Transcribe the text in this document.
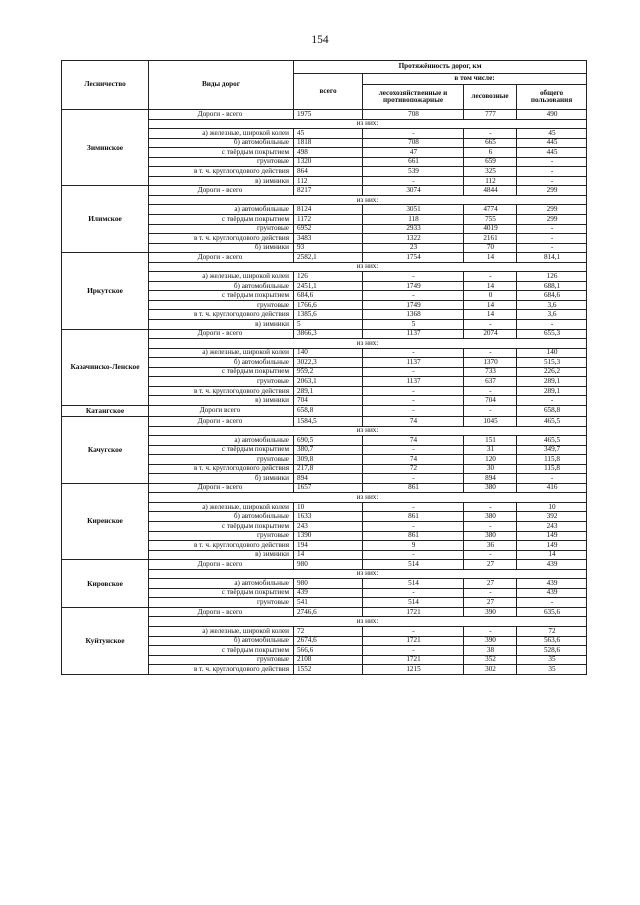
154
Лесничество	Виды дорог	Протяжённость дорог, км			
		всего	в том числе:		
			лесохозяйственные и противопожарные	лесовозные	общего пользования
Зиминское	Дороги - всего	1975	708	777	490
	из них:				
	а) железные, широкой колеи	45	-	-	45
	б) автомобильные	1818	708	665	445
	с твёрдым покрытием	498	47	6	445
	грунтовые	1320	661	659	-
	в т. ч. круглогодового действия	864	539	325	-
	в) зимники	112	-	112	-
Илимское	Дороги - всего	8217	3074	4844	299
	из них:				
	а) автомобильные	8124	3051	4774	299
	с твёрдым покрытием	1172	118	755	299
	грунтовые	6952	2933	4019	-
	в т. ч. круглогодового действия	3483	1322	2161	-
	б) зимники	93	23	70	-
Иркутское	Дороги - всего	2582,1	1754	14	814,1
	из них:				
	а) железные, широкой колеи	126	-	-	126
	б) автомобильные	2451,1	1749	14	688,1
	с твёрдым покрытием	684,6	-	0	684,6
	грунтовые	1766,6	1749	14	3,6
	в т. ч. круглогодового действия	1385,6	1368	14	3,6
	в) зимники	5	5	-	-
Казачинско-Ленское	Дороги - всего	3866,3	1137	2074	655,3
	из них:				
	а) железные, широкой колеи	140	-	-	140
	б) автомобильные	3022,3	1137	1370	515,3
	с твёрдым покрытием	959,2	-	733	226,2
	грунтовые	2063,1	1137	637	289,1
	в т. ч. круглогодового действия	289,1	-	-	289,1
	в) зимники	704	-	704	-
Катангское	Дороги всего	658,8	-	-	658,8
Качугское	Дороги - всего	1584,5	74	1045	465,5
	из них:				
	а) автомобильные	690,5	74	151	465,5
	с твёрдым покрытием	380,7	-	31	349,7
	грунтовые	309,8	74	120	115,8
	в т. ч. круглогодового действия	217,8	72	30	115,8
	б) зимники	894	-	894	-
Киренское	Дороги - всего	1657	861	380	416
	из них:				
	а) железные, широкой колеи	10	-	-	10
	б) автомобильные	1633	861	380	392
	с твёрдым покрытием	243	-	-	243
	грунтовые	1390	861	380	149
	в т. ч. круглогодового действия	194	9	36	149
	в) зимники	14	-	-	14
Кировское	Дороги - всего	980	514	27	439
	из них:				
	а) автомобильные	980	514	27	439
	с твёрдым покрытием	439	-	-	439
	грунтовые	541	514	27	-
Куйтунское	Дороги - всего	2746,6	1721	390	635,6
	из них:				
	а) железные, широкой колеи	72	-	-	72
	б) автомобильные	2674,6	1721	390	563,6
	с твёрдым покрытием	566,6	-	38	528,6
	грунтовые	2108	1721	352	35
	в т. ч. круглогодового действия	1552	1215	302	35
